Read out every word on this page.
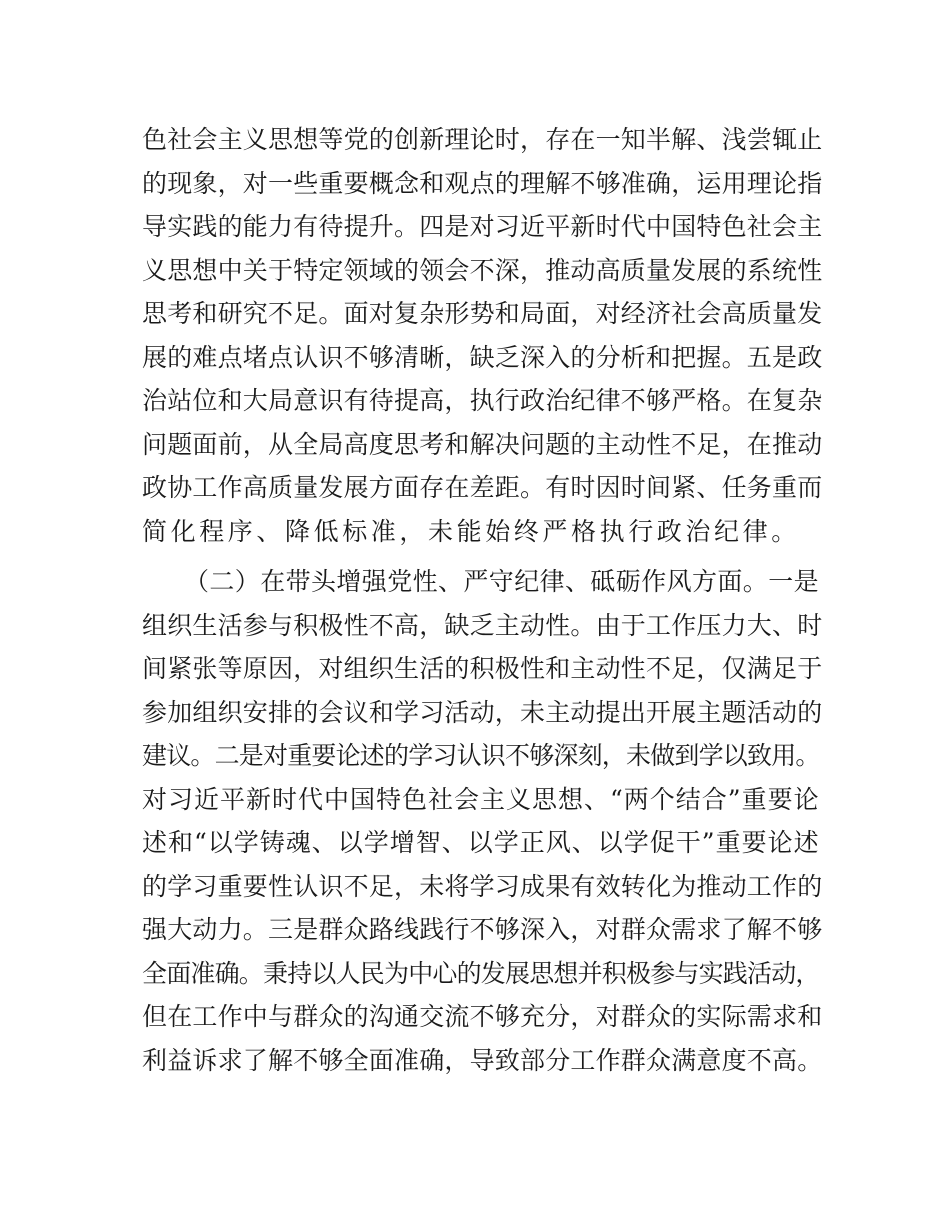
色社会主义思想等党的创新理论时，存在一知半解、浅尝辄止
的现象，对一些重要概念和观点的理解不够准确，运用理论指
导实践的能力有待提升。四是对习近平新时代中国特色社会主
义思想中关于特定领域的领会不深，推动高质量发展的系统性
思考和研究不足。面对复杂形势和局面，对经济社会高质量发
展的难点堵点认识不够清晰，缺乏深入的分析和把握。五是政
治站位和大局意识有待提高，执行政治纪律不够严格。在复杂
问题面前，从全局高度思考和解决问题的主动性不足，在推动
政协工作高质量发展方面存在差距。有时因时间紧、任务重而
简化程序、降低标准，未能始终严格执行政治纪律。
（二）在带头增强党性、严守纪律、砥砺作风方面。一是
组织生活参与积极性不高，缺乏主动性。由于工作压力大、时
间紧张等原因，对组织生活的积极性和主动性不足，仅满足于
参加组织安排的会议和学习活动，未主动提出开展主题活动的
建议。二是对重要论述的学习认识不够深刻，未做到学以致用。
对习近平新时代中国特色社会主义思想、“两个结合”重要论
述和“以学铸魂、以学增智、以学正风、以学促干”重要论述
的学习重要性认识不足，未将学习成果有效转化为推动工作的
强大动力。三是群众路线践行不够深入，对群众需求了解不够
全面准确。秉持以人民为中心的发展思想并积极参与实践活动，
但在工作中与群众的沟通交流不够充分，对群众的实际需求和
利益诉求了解不够全面准确，导致部分工作群众满意度不高。
